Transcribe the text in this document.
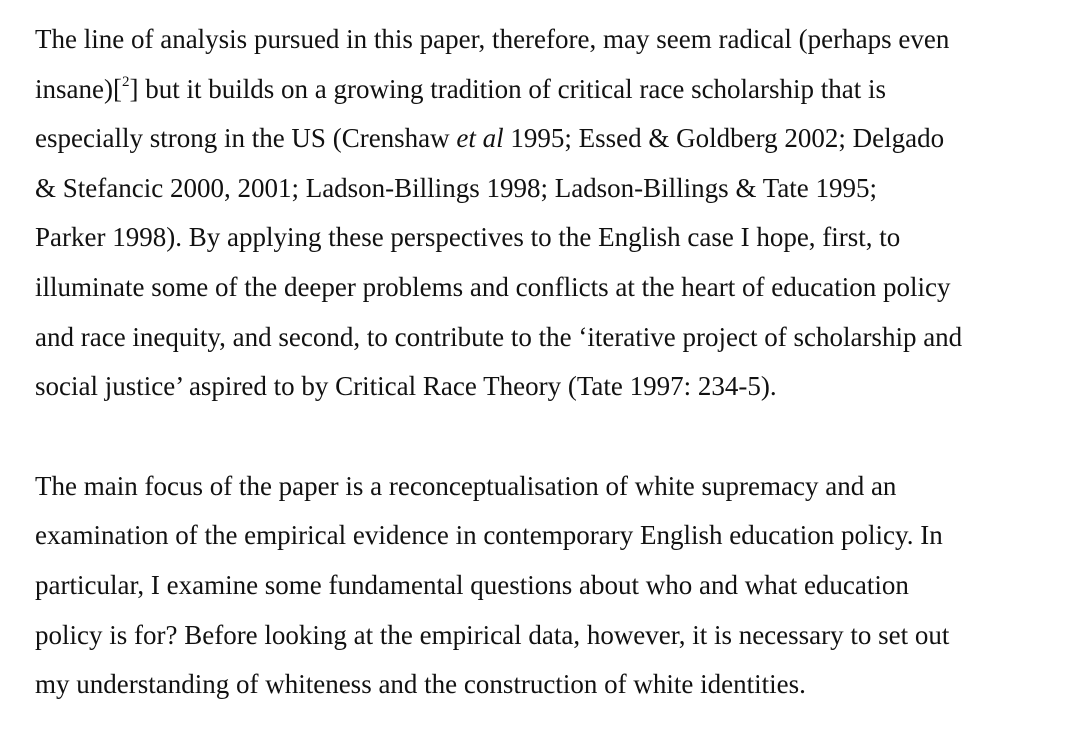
The line of analysis pursued in this paper, therefore, may seem radical (perhaps even
insane)[$^2$] but it builds on a growing tradition of critical race scholarship that is
especially strong in the US (Crenshaw et al 1995; Essed & Goldberg 2002; Delgado
& Stefancic 2000, 2001; Ladson-Billings 1998; Ladson-Billings & Tate 1995;
Parker 1998). By applying these perspectives to the English case I hope, first, to
illuminate some of the deeper problems and conflicts at the heart of education policy
and race inequity, and second, to contribute to the ‘iterative project of scholarship and
social justice’ aspired to by Critical Race Theory (Tate 1997: 234-5).

The main focus of the paper is a reconceptualisation of white supremacy and an
examination of the empirical evidence in contemporary English education policy. In
particular, I examine some fundamental questions about who and what education
policy is for? Before looking at the empirical data, however, it is necessary to set out
my understanding of whiteness and the construction of white identities.
